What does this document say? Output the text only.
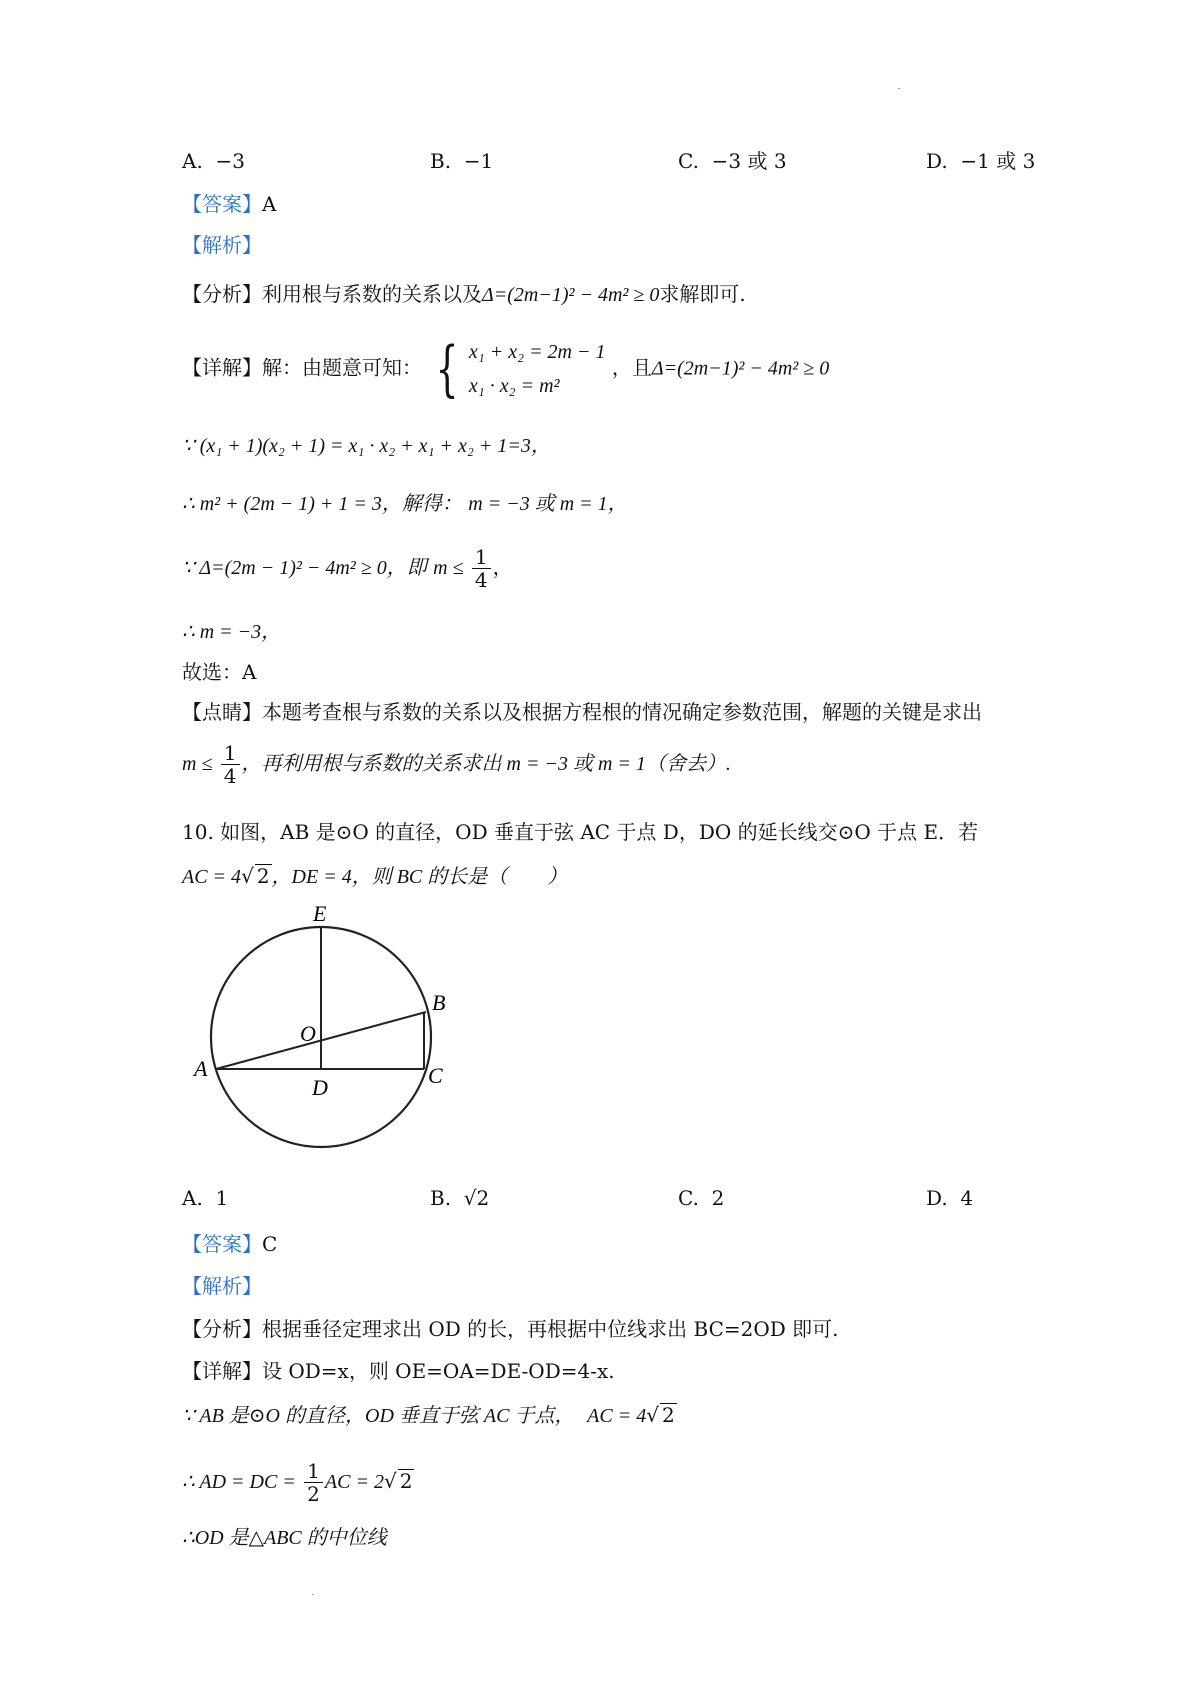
A. −3	B. −1	C. −3 或 3	D. −1 或 3
【答案】A
【解析】
【分析】利用根与系数的关系以及Δ=(2m−1)² − 4m² ≥ 0求解即可.
【详解】解：由题意可知： { x₁ + x₂ = 2m − 1
x₁ · x₂ = m²
，且Δ=(2m−1)² − 4m² ≥ 0
∵ (x₁ + 1)(x₂ + 1) = x₁ · x₂ + x₁ + x₂ + 1=3，
∴ m² + (2m − 1) + 1 = 3，解得： m = −3 或 m = 1，
∵ Δ=(2m − 1)² − 4m² ≥ 0，即 $m \le \frac{1}{4}$ ，
∴ m = −3，
故选：A
【点睛】本题考查根与系数的关系以及根据方程根的情况确定参数范围，解题的关键是求出
$m \le \frac{1}{4}$ ，再利用根与系数的关系求出 m = −3 或 m = 1（舍去）.
10. 如图，AB 是⊙O 的直径，OD 垂直于弦 AC 于点 D，DO 的延长线交⊙O 于点 E．若
AC = 4√ 2 ，DE = 4，则 BC 的长是（　　）
E
O
B
A
D	C
A. 1	B. √2	C. 2	D. 4
【答案】C
【解析】
【分析】根据垂径定理求出 OD 的长，再根据中位线求出 BC=2OD 即可.
【详解】设 OD=x，则 OE=OA=DE-OD=4-x.
∵ AB 是⊙O 的直径，OD 垂直于弦 AC 于点， AC = 4√ 2
∴ AD = DC = $\frac{1}{2}$ AC = 2√ 2
∴OD 是△ABC 的中位线
